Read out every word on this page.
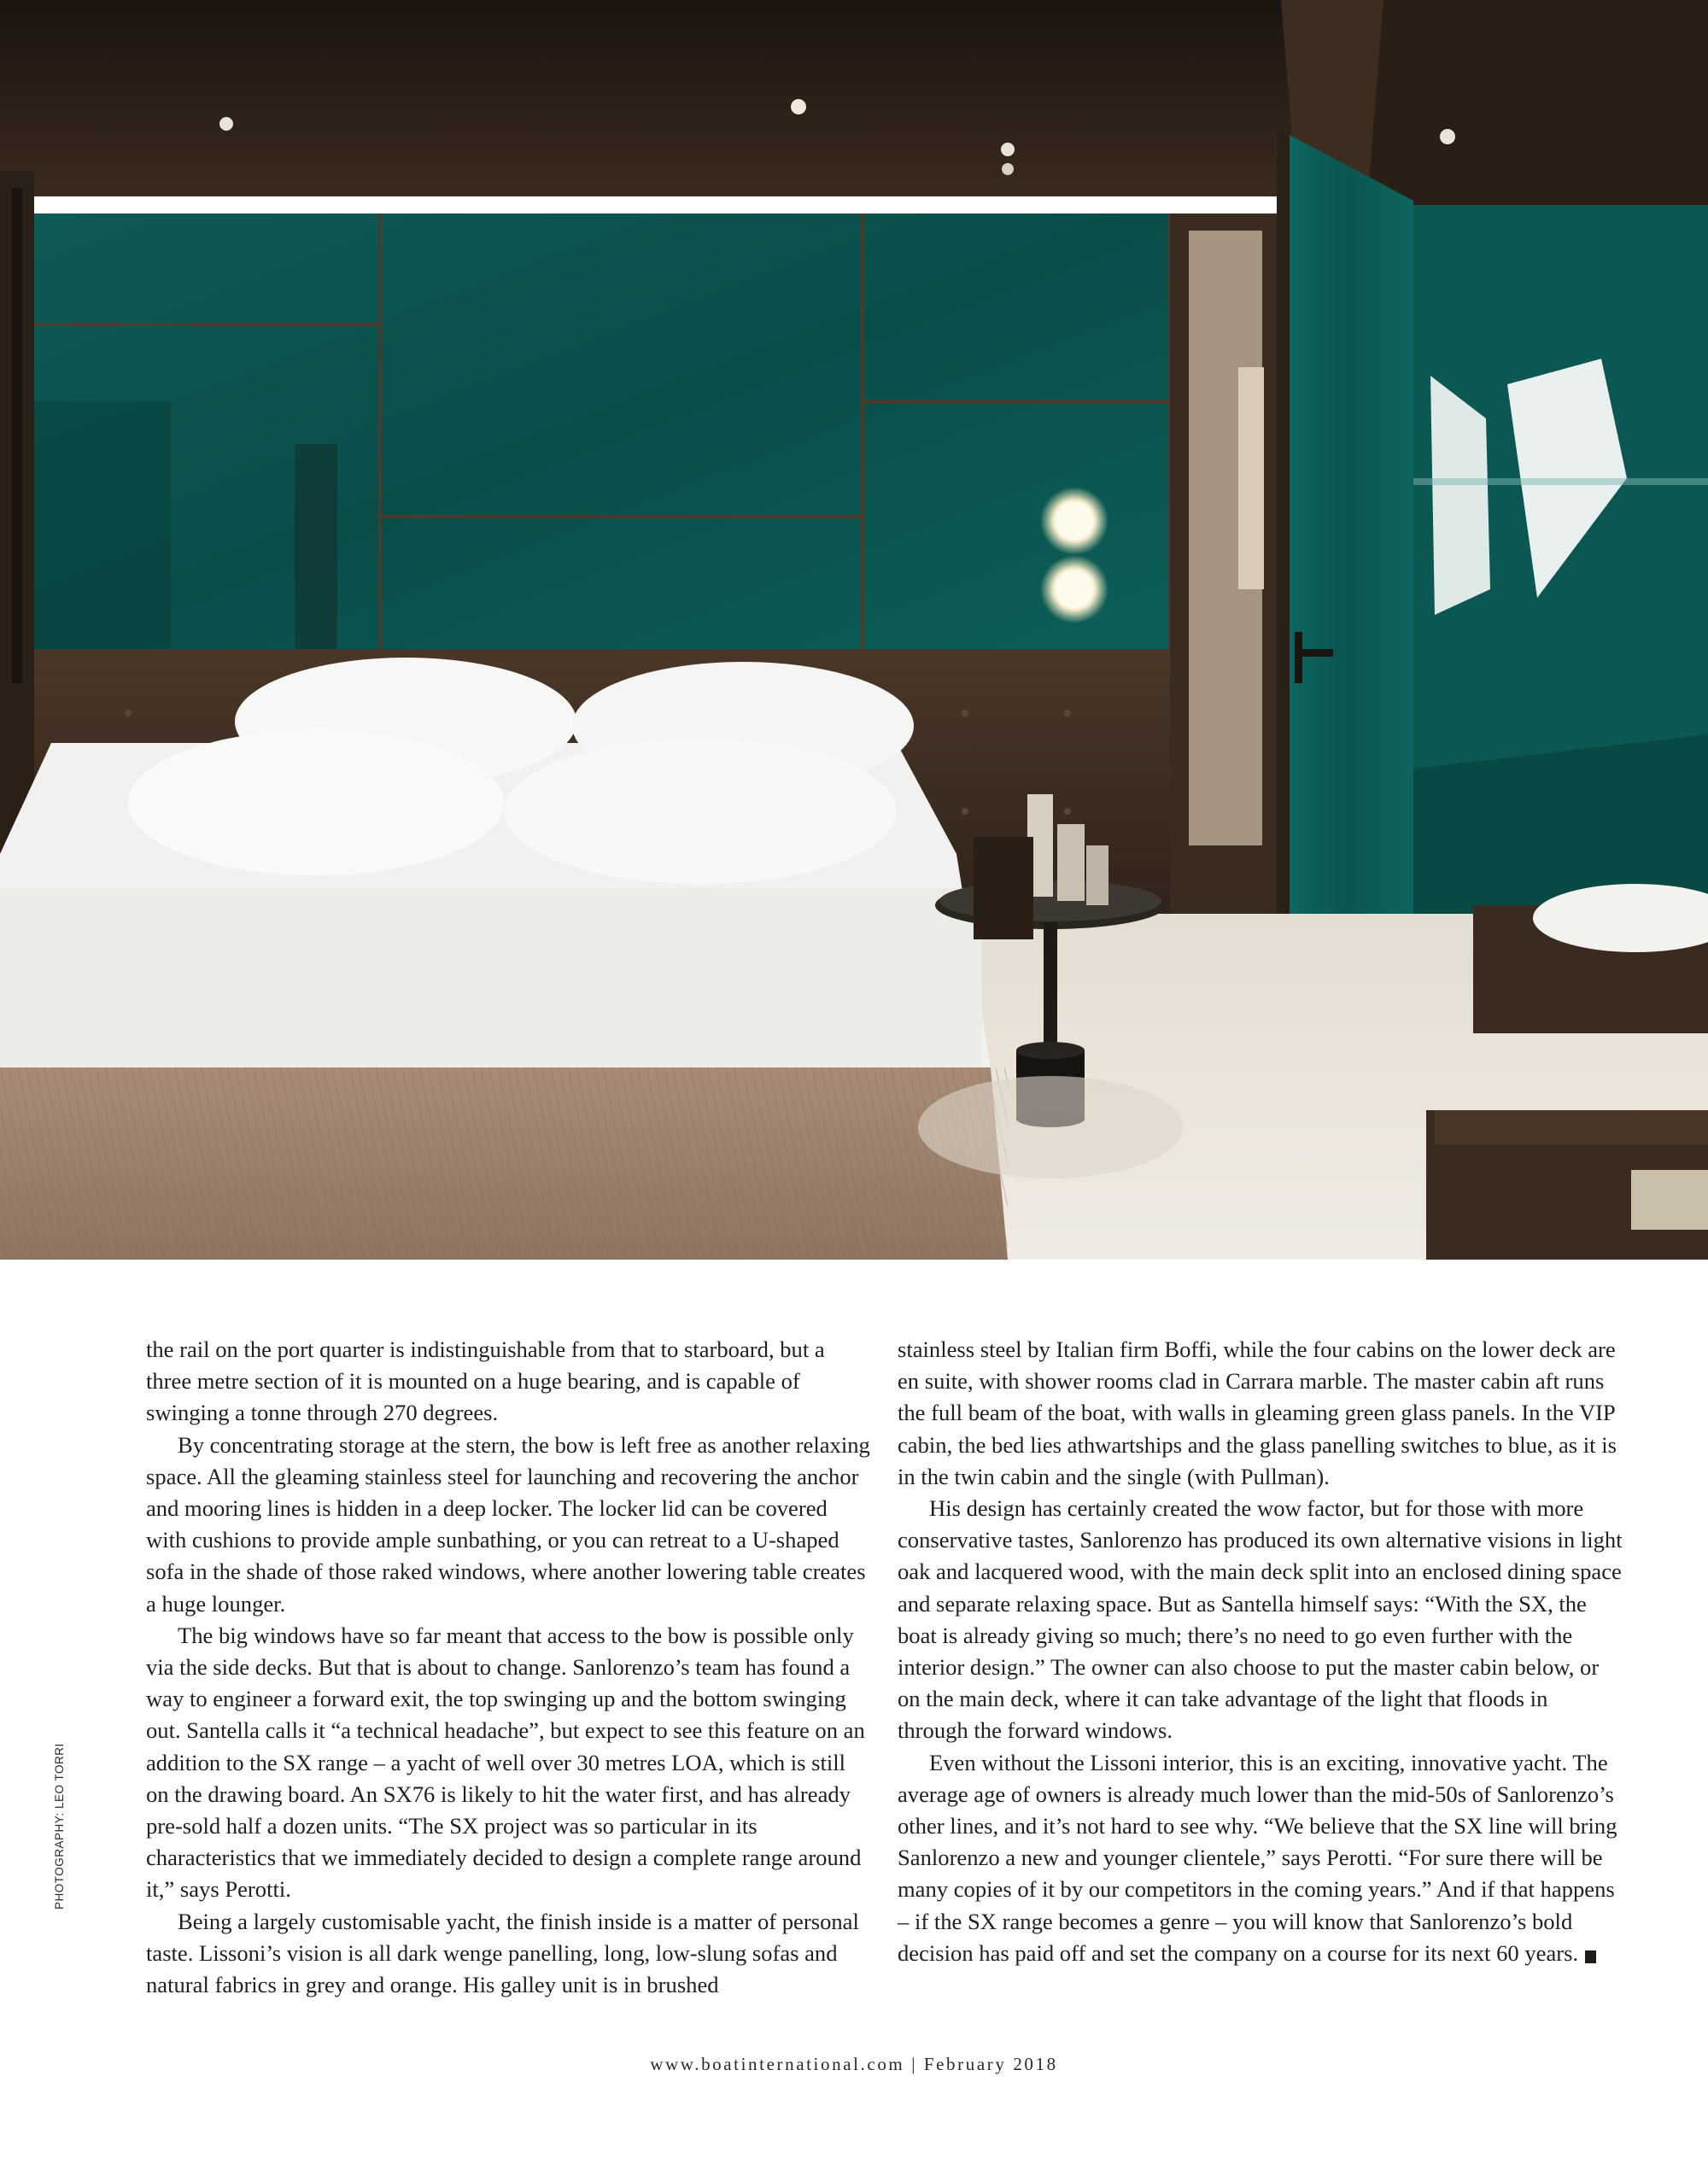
the rail on the port quarter is indistinguishable from that to starboard, but a three metre section of it is mounted on a huge bearing, and is capable of swinging a tonne through 270 degrees.

By concentrating storage at the stern, the bow is left free as another relaxing space. All the gleaming stainless steel for launching and recovering the anchor and mooring lines is hidden in a deep locker. The locker lid can be covered with cushions to provide ample sunbathing, or you can retreat to a U-shaped sofa in the shade of those raked windows, where another lowering table creates a huge lounger.

The big windows have so far meant that access to the bow is possible only via the side decks. But that is about to change. Sanlorenzo’s team has found a way to engineer a forward exit, the top swinging up and the bottom swinging out. Santella calls it “a technical headache”, but expect to see this feature on an addition to the SX range – a yacht of well over 30 metres LOA, which is still on the drawing board. An SX76 is likely to hit the water first, and has already pre-sold half a dozen units. “The SX project was so particular in its characteristics that we immediately decided to design a complete range around it,” says Perotti.

Being a largely customisable yacht, the finish inside is a matter of personal taste. Lissoni’s vision is all dark wenge panelling, long, low-slung sofas and natural fabrics in grey and orange. His galley unit is in brushed

stainless steel by Italian firm Boffi, while the four cabins on the lower deck are en suite, with shower rooms clad in Carrara marble. The master cabin aft runs the full beam of the boat, with walls in gleaming green glass panels. In the VIP cabin, the bed lies athwartships and the glass panelling switches to blue, as it is in the twin cabin and the single (with Pullman).

His design has certainly created the wow factor, but for those with more conservative tastes, Sanlorenzo has produced its own alternative visions in light oak and lacquered wood, with the main deck split into an enclosed dining space and separate relaxing space. But as Santella himself says: “With the SX, the boat is already giving so much; there’s no need to go even further with the interior design.” The owner can also choose to put the master cabin below, or on the main deck, where it can take advantage of the light that floods in through the forward windows.

Even without the Lissoni interior, this is an exciting, innovative yacht. The average age of owners is already much lower than the mid-50s of Sanlorenzo’s other lines, and it’s not hard to see why. “We believe that the SX line will bring Sanlorenzo a new and younger clientele,” says Perotti. “For sure there will be many copies of it by our competitors in the coming years.” And if that happens – if the SX range becomes a genre – you will know that Sanlorenzo’s bold decision has paid off and set the company on a course for its next 60 years.	B

PHOTOGRAPHY: LEO TORRI
www.boatinternational.com | February 2018
